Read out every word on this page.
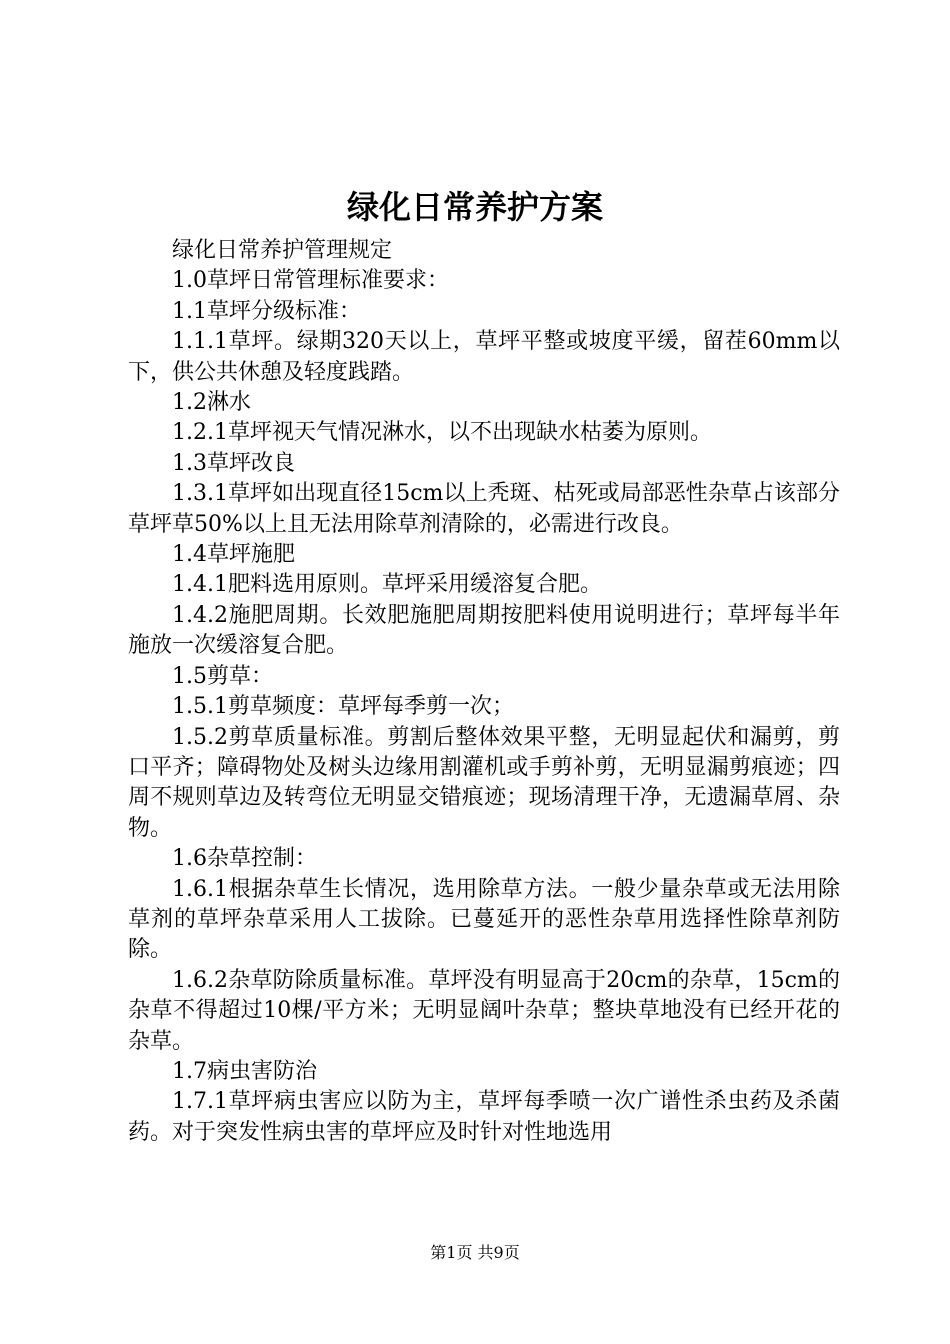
绿化日常养护方案

绿化日常养护管理规定

1.0草坪日常管理标准要求：

1.1草坪分级标准：

1.1.1草坪。绿期320天以上，草坪平整或坡度平缓，留茬60mm以下，供公共休憩及轻度践踏。

1.2淋水

1.2.1草坪视天气情况淋水，以不出现缺水枯萎为原则。

1.3草坪改良

1.3.1草坪如出现直径15cm以上秃斑、枯死或局部恶性杂草占该部分草坪草50%以上且无法用除草剂清除的，必需进行改良。

1.4草坪施肥

1.4.1肥料选用原则。草坪采用缓溶复合肥。

1.4.2施肥周期。长效肥施肥周期按肥料使用说明进行；草坪每半年施放一次缓溶复合肥。

1.5剪草：

1.5.1剪草频度：草坪每季剪一次；

1.5.2剪草质量标准。剪割后整体效果平整，无明显起伏和漏剪，剪口平齐；障碍物处及树头边缘用割灌机或手剪补剪，无明显漏剪痕迹；四周不规则草边及转弯位无明显交错痕迹；现场清理干净，无遗漏草屑、杂物。

1.6杂草控制：

1.6.1根据杂草生长情况，选用除草方法。一般少量杂草或无法用除草剂的草坪杂草采用人工拔除。已蔓延开的恶性杂草用选择性除草剂防除。

1.6.2杂草防除质量标准。草坪没有明显高于20cm的杂草，15cm的杂草不得超过10棵/平方米；无明显阔叶杂草；整块草地没有已经开花的杂草。

1.7病虫害防治

1.7.1草坪病虫害应以防为主，草坪每季喷一次广谱性杀虫药及杀菌药。对于突发性病虫害的草坪应及时针对性地选用

第1页 共9页
